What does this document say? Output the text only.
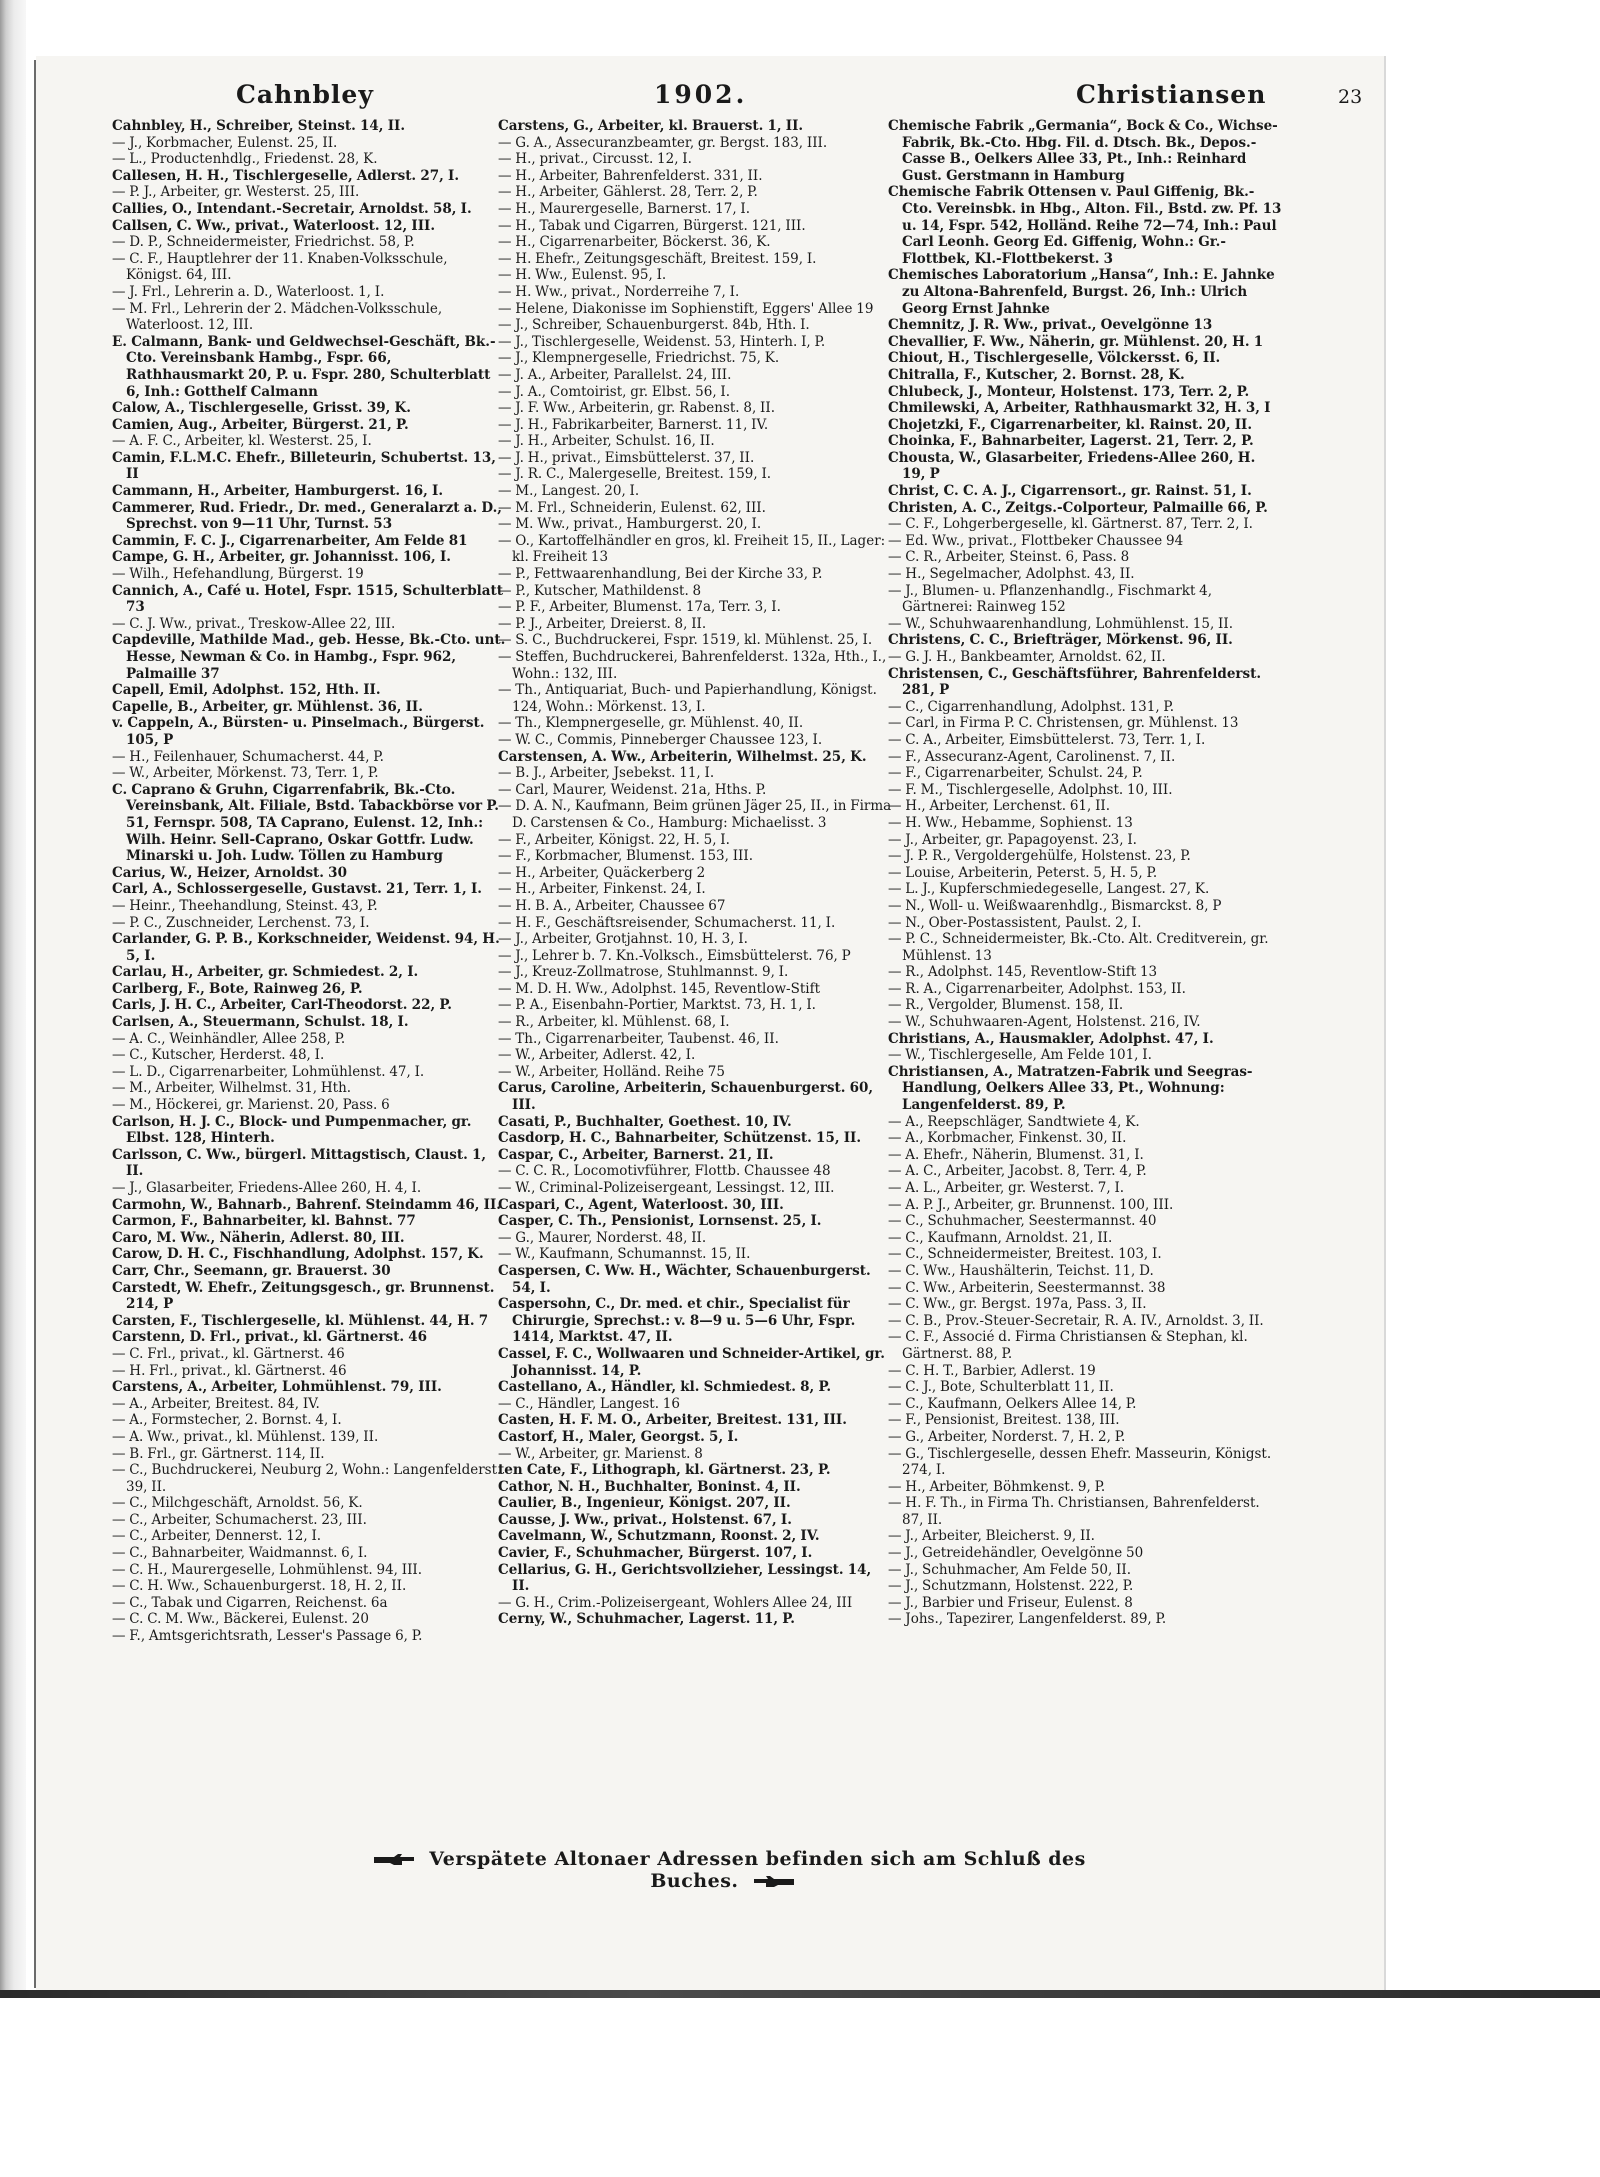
Cahnbley	1902.	Christiansen	23

Cahnbley, H., Schreiber, Steinst. 14, II.

— J., Korbmacher, Eulenst. 25, II.

— L., Productenhdlg., Friedenst. 28, K.

Callesen, H. H., Tischlergeselle, Adlerst. 27, I.

— P. J., Arbeiter, gr. Westerst. 25, III.

Callies, O., Intendant.-Secretair, Arnoldst. 58, I.

Callsen, C. Ww., privat., Waterloost. 12, III.

— D. P., Schneidermeister, Friedrichst. 58, P.

— C. F., Hauptlehrer der 11. Knaben-Volksschule, Königst. 64, III.

— J. Frl., Lehrerin a. D., Waterloost. 1, I.

— M. Frl., Lehrerin der 2. Mädchen-Volksschule, Waterloost. 12, III.

E. Calmann, Bank- und Geldwechsel-Geschäft, Bk.-Cto. Vereinsbank Hambg., Fspr. 66, Rathhausmarkt 20, P. u. Fspr. 280, Schulterblatt 6, Inh.: Gotthelf Calmann

Calow, A., Tischlergeselle, Grisst. 39, K.

Camien, Aug., Arbeiter, Bürgerst. 21, P.

— A. F. C., Arbeiter, kl. Westerst. 25, I.

Camin, F.L.M.C. Ehefr., Billeteurin, Schubertst. 13, II

Cammann, H., Arbeiter, Hamburgerst. 16, I.

Cammerer, Rud. Friedr., Dr. med., Generalarzt a. D., Sprechst. von 9—11 Uhr, Turnst. 53

Cammin, F. C. J., Cigarrenarbeiter, Am Felde 81

Campe, G. H., Arbeiter, gr. Johannisst. 106, I.

— Wilh., Hefehandlung, Bürgerst. 19

Cannich, A., Café u. Hotel, Fspr. 1515, Schulterblatt 73

— C. J. Ww., privat., Treskow-Allee 22, III.

Capdeville, Mathilde Mad., geb. Hesse, Bk.-Cto. unt. Hesse, Newman & Co. in Hambg., Fspr. 962, Palmaille 37

Capell, Emil, Adolphst. 152, Hth. II.

Capelle, B., Arbeiter, gr. Mühlenst. 36, II.

v. Cappeln, A., Bürsten- u. Pinselmach., Bürgerst. 105, P

— H., Feilenhauer, Schumacherst. 44, P.

— W., Arbeiter, Mörkenst. 73, Terr. 1, P.

C. Caprano & Gruhn, Cigarrenfabrik, Bk.-Cto. Vereinsbank, Alt. Filiale, Bstd. Tabackbörse vor P. 51, Fernspr. 508, TA Caprano, Eulenst. 12, Inh.: Wilh. Heinr. Sell-Caprano, Oskar Gottfr. Ludw. Minarski u. Joh. Ludw. Töllen zu Hamburg

Carius, W., Heizer, Arnoldst. 30

Carl, A., Schlossergeselle, Gustavst. 21, Terr. 1, I.

— Heinr., Theehandlung, Steinst. 43, P.

— P. C., Zuschneider, Lerchenst. 73, I.

Carlander, G. P. B., Korkschneider, Weidenst. 94, H. 5, I.

Carlau, H., Arbeiter, gr. Schmiedest. 2, I.

Carlberg, F., Bote, Rainweg 26, P.

Carls, J. H. C., Arbeiter, Carl-Theodorst. 22, P.

Carlsen, A., Steuermann, Schulst. 18, I.

— A. C., Weinhändler, Allee 258, P.

— C., Kutscher, Herderst. 48, I.

— L. D., Cigarrenarbeiter, Lohmühlenst. 47, I.

— M., Arbeiter, Wilhelmst. 31, Hth.

— M., Höckerei, gr. Marienst. 20, Pass. 6

Carlson, H. J. C., Block- und Pumpenmacher, gr. Elbst. 128, Hinterh.

Carlsson, C. Ww., bürgerl. Mittagstisch, Claust. 1, II.

— J., Glasarbeiter, Friedens-Allee 260, H. 4, I.

Carmohn, W., Bahnarb., Bahrenf. Steindamm 46, II.

Carmon, F., Bahnarbeiter, kl. Bahnst. 77

Caro, M. Ww., Näherin, Adlerst. 80, III.

Carow, D. H. C., Fischhandlung, Adolphst. 157, K.

Carr, Chr., Seemann, gr. Brauerst. 30

Carstedt, W. Ehefr., Zeitungsgesch., gr. Brunnenst. 214, P

Carsten, F., Tischlergeselle, kl. Mühlenst. 44, H. 7

Carstenn, D. Frl., privat., kl. Gärtnerst. 46

— C. Frl., privat., kl. Gärtnerst. 46

— H. Frl., privat., kl. Gärtnerst. 46

Carstens, A., Arbeiter, Lohmühlenst. 79, III.

— A., Arbeiter, Breitest. 84, IV.

— A., Formstecher, 2. Bornst. 4, I.

— A. Ww., privat., kl. Mühlenst. 139, II.

— B. Frl., gr. Gärtnerst. 114, II.

— C., Buchdruckerei, Neuburg 2, Wohn.: Langenfelderst. 39, II.

— C., Milchgeschäft, Arnoldst. 56, K.

— C., Arbeiter, Schumacherst. 23, III.

— C., Arbeiter, Dennerst. 12, I.

— C., Bahnarbeiter, Waidmannst. 6, I.

— C. H., Maurergeselle, Lohmühlenst. 94, III.

— C. H. Ww., Schauenburgerst. 18, H. 2, II.

— C., Tabak und Cigarren, Reichenst. 6a

— C. C. M. Ww., Bäckerei, Eulenst. 20

— F., Amtsgerichtsrath, Lesser's Passage 6, P.

Carstens, G., Arbeiter, kl. Brauerst. 1, II.

— G. A., Assecuranzbeamter, gr. Bergst. 183, III.

— H., privat., Circusst. 12, I.

— H., Arbeiter, Bahrenfelderst. 331, II.

— H., Arbeiter, Gählerst. 28, Terr. 2, P.

— H., Maurergeselle, Barnerst. 17, I.

— H., Tabak und Cigarren, Bürgerst. 121, III.

— H., Cigarrenarbeiter, Böckerst. 36, K.

— H. Ehefr., Zeitungsgeschäft, Breitest. 159, I.

— H. Ww., Eulenst. 95, I.

— H. Ww., privat., Norderreihe 7, I.

— Helene, Diakonisse im Sophienstift, Eggers' Allee 19

— J., Schreiber, Schauenburgerst. 84b, Hth. I.

— J., Tischlergeselle, Weidenst. 53, Hinterh. I, P.

— J., Klempnergeselle, Friedrichst. 75, K.

— J. A., Arbeiter, Parallelst. 24, III.

— J. A., Comtoirist, gr. Elbst. 56, I.

— J. F. Ww., Arbeiterin, gr. Rabenst. 8, II.

— J. H., Fabrikarbeiter, Barnerst. 11, IV.

— J. H., Arbeiter, Schulst. 16, II.

— J. H., privat., Eimsbüttelerst. 37, II.

— J. R. C., Malergeselle, Breitest. 159, I.

— M., Langest. 20, I.

— M. Frl., Schneiderin, Eulenst. 62, III.

— M. Ww., privat., Hamburgerst. 20, I.

— O., Kartoffelhändler en gros, kl. Freiheit 15, II., Lager: kl. Freiheit 13

— P., Fettwaarenhandlung, Bei der Kirche 33, P.

— P., Kutscher, Mathildenst. 8

— P. F., Arbeiter, Blumenst. 17a, Terr. 3, I.

— P. J., Arbeiter, Dreierst. 8, II.

— S. C., Buchdruckerei, Fspr. 1519, kl. Mühlenst. 25, I.

— Steffen, Buchdruckerei, Bahrenfelderst. 132a, Hth., I., Wohn.: 132, III.

— Th., Antiquariat, Buch- und Papierhandlung, Königst. 124, Wohn.: Mörkenst. 13, I.

— Th., Klempnergeselle, gr. Mühlenst. 40, II.

— W. C., Commis, Pinneberger Chaussee 123, I.

Carstensen, A. Ww., Arbeiterin, Wilhelmst. 25, K.

— B. J., Arbeiter, Jsebekst. 11, I.

— Carl, Maurer, Weidenst. 21a, Hths. P.

— D. A. N., Kaufmann, Beim grünen Jäger 25, II., in Firma D. Carstensen & Co., Hamburg: Michaelisst. 3

— F., Arbeiter, Königst. 22, H. 5, I.

— F., Korbmacher, Blumenst. 153, III.

— H., Arbeiter, Quäckerberg 2

— H., Arbeiter, Finkenst. 24, I.

— H. B. A., Arbeiter, Chaussee 67

— H. F., Geschäftsreisender, Schumacherst. 11, I.

— J., Arbeiter, Grotjahnst. 10, H. 3, I.

— J., Lehrer b. 7. Kn.-Volksch., Eimsbüttelerst. 76, P

— J., Kreuz-Zollmatrose, Stuhlmannst. 9, I.

— M. D. H. Ww., Adolphst. 145, Reventlow-Stift

— P. A., Eisenbahn-Portier, Marktst. 73, H. 1, I.

— R., Arbeiter, kl. Mühlenst. 68, I.

— Th., Cigarrenarbeiter, Taubenst. 46, II.

— W., Arbeiter, Adlerst. 42, I.

— W., Arbeiter, Holländ. Reihe 75

Carus, Caroline, Arbeiterin, Schauenburgerst. 60, III.

Casati, P., Buchhalter, Goethest. 10, IV.

Casdorp, H. C., Bahnarbeiter, Schützenst. 15, II.

Caspar, C., Arbeiter, Barnerst. 21, II.

— C. C. R., Locomotivführer, Flottb. Chaussee 48

— W., Criminal-Polizeisergeant, Lessingst. 12, III.

Caspari, C., Agent, Waterloost. 30, III.

Casper, C. Th., Pensionist, Lornsenst. 25, I.

— G., Maurer, Norderst. 48, II.

— W., Kaufmann, Schumannst. 15, II.

Caspersen, C. Ww. H., Wächter, Schauenburgerst. 54, I.

Caspersohn, C., Dr. med. et chir., Specialist für Chirurgie, Sprechst.: v. 8—9 u. 5—6 Uhr, Fspr. 1414, Marktst. 47, II.

Cassel, F. C., Wollwaaren und Schneider-Artikel, gr. Johannisst. 14, P.

Castellano, A., Händler, kl. Schmiedest. 8, P.

— C., Händler, Langest. 16

Casten, H. F. M. O., Arbeiter, Breitest. 131, III.

Castorf, H., Maler, Georgst. 5, I.

— W., Arbeiter, gr. Marienst. 8

ten Cate, F., Lithograph, kl. Gärtnerst. 23, P.

Cathor, N. H., Buchhalter, Boninst. 4, II.

Caulier, B., Ingenieur, Königst. 207, II.

Causse, J. Ww., privat., Holstenst. 67, I.

Cavelmann, W., Schutzmann, Roonst. 2, IV.

Cavier, F., Schuhmacher, Bürgerst. 107, I.

Cellarius, G. H., Gerichtsvollzieher, Lessingst. 14, II.

— G. H., Crim.-Polizeisergeant, Wohlers Allee 24, III

Cerny, W., Schuhmacher, Lagerst. 11, P.

Chemische Fabrik „Germania“, Bock & Co., Wichse-Fabrik, Bk.-Cto. Hbg. Fil. d. Dtsch. Bk., Depos.-Casse B., Oelkers Allee 33, Pt., Inh.: Reinhard Gust. Gerstmann in Hamburg

Chemische Fabrik Ottensen v. Paul Giffenig, Bk.-Cto. Vereinsbk. in Hbg., Alton. Fil., Bstd. zw. Pf. 13 u. 14, Fspr. 542, Holländ. Reihe 72—74, Inh.: Paul Carl Leonh. Georg Ed. Giffenig, Wohn.: Gr.-Flottbek, Kl.-Flottbekerst. 3

Chemisches Laboratorium „Hansa“, Inh.: E. Jahnke zu Altona-Bahrenfeld, Burgst. 26, Inh.: Ulrich Georg Ernst Jahnke

Chemnitz, J. R. Ww., privat., Oevelgönne 13

Chevallier, F. Ww., Näherin, gr. Mühlenst. 20, H. 1

Chiout, H., Tischlergeselle, Völckersst. 6, II.

Chitralla, F., Kutscher, 2. Bornst. 28, K.

Chlubeck, J., Monteur, Holstenst. 173, Terr. 2, P.

Chmilewski, A, Arbeiter, Rathhausmarkt 32, H. 3, I

Chojetzki, F., Cigarrenarbeiter, kl. Rainst. 20, II.

Choinka, F., Bahnarbeiter, Lagerst. 21, Terr. 2, P.

Chousta, W., Glasarbeiter, Friedens-Allee 260, H. 19, P

Christ, C. C. A. J., Cigarrensort., gr. Rainst. 51, I.

Christen, A. C., Zeitgs.-Colporteur, Palmaille 66, P.

— C. F., Lohgerbergeselle, kl. Gärtnerst. 87, Terr. 2, I.

— Ed. Ww., privat., Flottbeker Chaussee 94

— C. R., Arbeiter, Steinst. 6, Pass. 8

— H., Segelmacher, Adolphst. 43, II.

— J., Blumen- u. Pflanzenhandlg., Fischmarkt 4, Gärtnerei: Rainweg 152

— W., Schuhwaarenhandlung, Lohmühlenst. 15, II.

Christens, C. C., Briefträger, Mörkenst. 96, II.

— G. J. H., Bankbeamter, Arnoldst. 62, II.

Christensen, C., Geschäftsführer, Bahrenfelderst. 281, P

— C., Cigarrenhandlung, Adolphst. 131, P.

— Carl, in Firma P. C. Christensen, gr. Mühlenst. 13

— C. A., Arbeiter, Eimsbüttelerst. 73, Terr. 1, I.

— F., Assecuranz-Agent, Carolinenst. 7, II.

— F., Cigarrenarbeiter, Schulst. 24, P.

— F. M., Tischlergeselle, Adolphst. 10, III.

— H., Arbeiter, Lerchenst. 61, II.

— H. Ww., Hebamme, Sophienst. 13

— J., Arbeiter, gr. Papagoyenst. 23, I.

— J. P. R., Vergoldergehülfe, Holstenst. 23, P.

— Louise, Arbeiterin, Peterst. 5, H. 5, P.

— L. J., Kupferschmiedegeselle, Langest. 27, K.

— N., Woll- u. Weißwaarenhdlg., Bismarckst. 8, P

— N., Ober-Postassistent, Paulst. 2, I.

— P. C., Schneidermeister, Bk.-Cto. Alt. Creditverein, gr. Mühlenst. 13

— R., Adolphst. 145, Reventlow-Stift 13

— R. A., Cigarrenarbeiter, Adolphst. 153, II.

— R., Vergolder, Blumenst. 158, II.

— W., Schuhwaaren-Agent, Holstenst. 216, IV.

Christians, A., Hausmakler, Adolphst. 47, I.

— W., Tischlergeselle, Am Felde 101, I.

Christiansen, A., Matratzen-Fabrik und Seegras-Handlung, Oelkers Allee 33, Pt., Wohnung: Langenfelderst. 89, P.

— A., Reepschläger, Sandtwiete 4, K.

— A., Korbmacher, Finkenst. 30, II.

— A. Ehefr., Näherin, Blumenst. 31, I.

— A. C., Arbeiter, Jacobst. 8, Terr. 4, P.

— A. L., Arbeiter, gr. Westerst. 7, I.

— A. P. J., Arbeiter, gr. Brunnenst. 100, III.

— C., Schuhmacher, Seestermannst. 40

— C., Kaufmann, Arnoldst. 21, II.

— C., Schneidermeister, Breitest. 103, I.

— C. Ww., Haushälterin, Teichst. 11, D.

— C. Ww., Arbeiterin, Seestermannst. 38

— C. Ww., gr. Bergst. 197a, Pass. 3, II.

— C. B., Prov.-Steuer-Secretair, R. A. IV., Arnoldst. 3, II.

— C. F., Associé d. Firma Christiansen & Stephan, kl. Gärtnerst. 88, P.

— C. H. T., Barbier, Adlerst. 19

— C. J., Bote, Schulterblatt 11, II.

— C., Kaufmann, Oelkers Allee 14, P.

— F., Pensionist, Breitest. 138, III.

— G., Arbeiter, Norderst. 7, H. 2, P.

— G., Tischlergeselle, dessen Ehefr. Masseurin, Königst. 274, I.

— H., Arbeiter, Böhmkenst. 9, P.

— H. F. Th., in Firma Th. Christiansen, Bahrenfelderst. 87, II.

— J., Arbeiter, Bleicherst. 9, II.

— J., Getreidehändler, Oevelgönne 50

— J., Schuhmacher, Am Felde 50, II.

— J., Schutzmann, Holstenst. 222, P.

— J., Barbier und Friseur, Eulenst. 8

— Johs., Tapezirer, Langenfelderst. 89, P.

Verspätete Altonaer Adressen befinden sich am Schluß des Buches.
